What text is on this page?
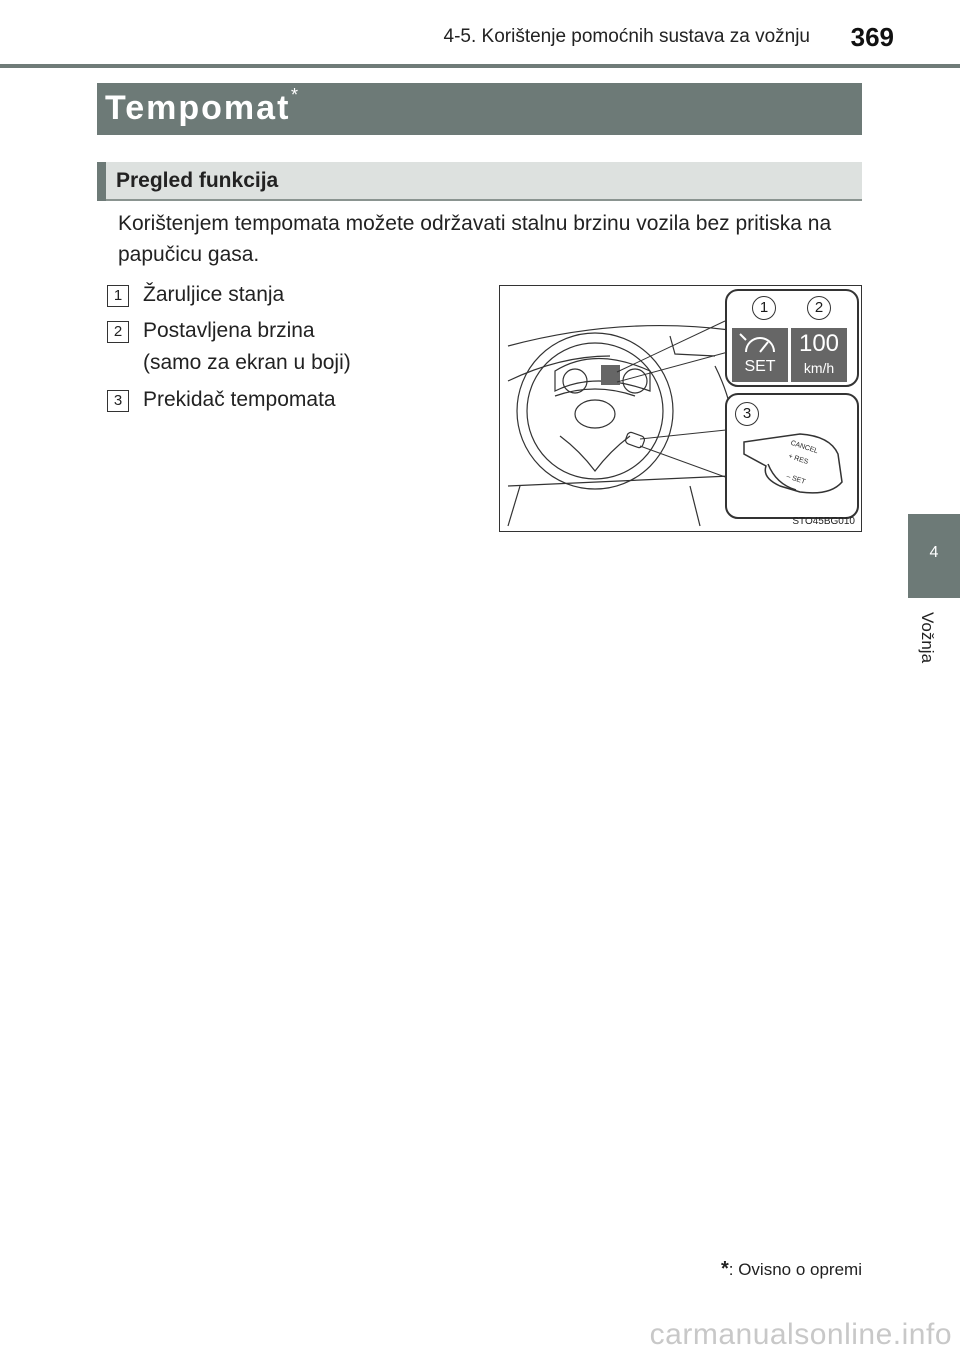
4-5. Korištenje pomoćnih sustava za vožnju 369
Tempomat *
Pregled funkcija
Korištenjem tempomata možete održavati stalnu brzinu vozila bez pritiska na papučicu gasa.
1 Žaruljice stanja
2 Postavljena brzina
(samo za ekran u boji)
3 Prekidač tempomata
1	2
3
SET
100
km/h
CANCEL
+ RES
– SET
STO45BG010
4
Vožnja
*: Ovisno o opremi
carmanualsonline.info
